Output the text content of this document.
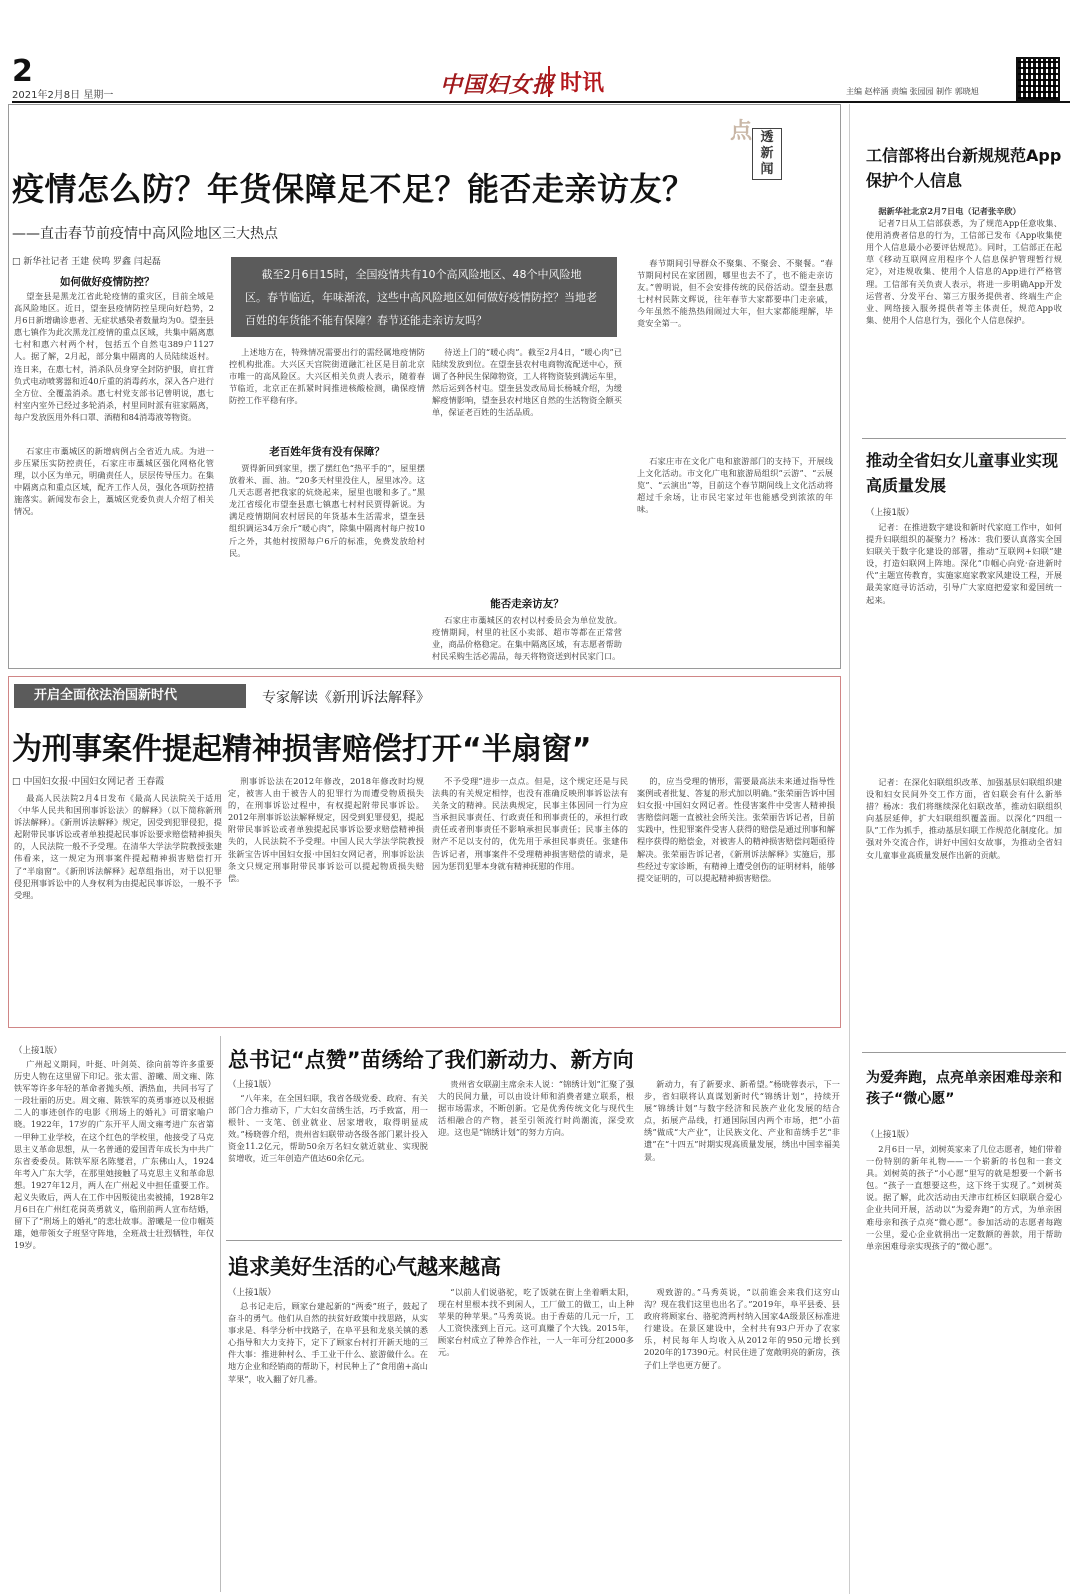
2
2021年2月8日 星期一	中国妇女报 时讯	主编 赵梓涵 责编 张园园 制作 郭晓旭
点 透新闻
疫情怎么防？年货保障足不足？能否走亲访友？
——直击春节前疫情中高风险地区三大热点
□ 新华社记者 王建 侯鸣 罗鑫 闫起磊
如何做好疫情防控？
截至2月6日15时，全国疫情共有10个高风险地区、48个中风险地区。春节临近，年味渐浓，这些中高风险地区如何做好疫情防控？当地老百姓的年货能不能有保障？春节还能走亲访友吗？

望奎县是黑龙江省此轮疫情的重灾区，目前全域是高风险地区。近日，望奎县疫情防控呈现向好趋势，2月6日新增确诊患者、无症状感染者数量均为0。望奎县惠七镇作为此次黑龙江疫情的重点区域，共集中隔离惠七村和惠六村两个村，包括五个自然屯389户1127人。据了解，2月起，部分集中隔离的人员陆续返村。连日来，在惠七村，消杀队员身穿全封防护服，肩扛背负式电动喷雾器和近40斤重的消毒药水，深入各户进行全方位、全覆盖消杀。惠七村党支部书记曾明说，惠七村室内室外已经过多轮消杀，村里同时派有驻家隔离，每户发放医用外科口罩、酒精和84消毒液等物资。

石家庄市藁城区的新增病例占全省近九成。为进一步压紧压实防控责任，石家庄市藁城区强化网格化管理，以小区为单元，明确责任人，层层传导压力。在集中隔离点和重点区域，配齐工作人员，强化各项防控措施落实。新闻发布会上，藁城区党委负责人介绍了相关情况。

上述地方在，特殊情况需要出行的需经属地疫情防控机构批准。大兴区天宫院街道融汇社区是目前北京市唯一的高风险区。大兴区相关负责人表示，随着春节临近，北京正在抓紧时间推进核酸检测，确保疫情防控工作平稳有序。

老百姓年货有没有保障？

贾得新回到家里，摆了摆红色“热平手的”，屋里摆放着米、面、油。“20多天村里没住人，屋里冰冷。这几天志愿者把我家的炕烧起来，屋里也暖和多了。”黑龙江省绥化市望奎县惠七镇惠七村村民贾得新说。为满足疫情期间农村居民的年货基本生活需求，望奎县组织调运34万余斤“暖心肉”，除集中隔离村每户按10斤之外，其他村按照每户6斤的标准，免费发放给村民。

待送上门的“暖心肉”。截至2月4日，“暖心肉”已陆续发放到位。在望奎县农村电商物流配送中心，预调了各种民生保障物资，工人将物资装到满运车里，然后运到各村屯。望奎县发改局局长杨城介绍，为缓解疫情影响，望奎县农村地区自然的生活物资全额买单，保证老百姓的生活品质。

能否走亲访友？

石家庄市藁城区的农村以村委员会为单位发放。疫情期间，村里的社区小卖部、超市等都在正常营业，商品价格稳定。在集中隔离区域，有志愿者帮助村民采购生活必需品，每天将物资送到村民家门口。

春节期间引导群众不聚集、不聚会、不聚餐。“春节期间村民在家团圆，哪里也去不了，也不能走亲访友。”曾明说，但不会安排传统的民俗活动。望奎县惠七村村民陈文辉说，往年春节大家都要串门走亲戚，今年虽然不能热热闹闹过大年，但大家都能理解，毕竟安全第一。

石家庄市在文化广电和旅游部门的支持下，开展线上文化活动。市文化广电和旅游局组织“云游”、“云展览”、“云演出”等，目前这个春节期间线上文化活动将超过千余场，让市民宅家过年也能感受到浓浓的年味。

工信部将出台新规规范App保护个人信息
据新华社北京2月7日电（记者张辛欣）

记者7日从工信部获悉，为了规范App任意收集、使用消费者信息的行为，工信部已发布《App收集使用个人信息最小必要评估规范》。同时，工信部正在起草《移动互联网应用程序个人信息保护管理暂行规定》，对违规收集、使用个人信息的App进行严格管理。工信部有关负责人表示，将进一步明确App开发运营者、分发平台、第三方服务提供者、终端生产企业、网络接入服务提供者等主体责任，规范App收集、使用个人信息行为，强化个人信息保护。

推动全省妇女儿童事业实现高质量发展
（上接1版）

记者：在推进数字建设和新时代家庭工作中，如何提升妇联组织的凝聚力？杨冰：我们要认真落实全国妇联关于数字化建设的部署，推动“互联网+妇联”建设，打造妇联网上阵地。深化“巾帼心向党·奋进新时代”主题宣传教育，实施家庭家教家风建设工程，开展最美家庭寻访活动，引导广大家庭把爱家和爱国统一起来。

记者：在深化妇联组织改革、加强基层妇联组织建设和妇女民间外交工作方面，省妇联会有什么新举措？杨冰：我们将继续深化妇联改革，推动妇联组织向基层延伸，扩大妇联组织覆盖面。以深化“四组一队”工作为抓手，推动基层妇联工作规范化制度化。加强对外交流合作，讲好中国妇女故事，为推动全省妇女儿童事业高质量发展作出新的贡献。

为爱奔跑，点亮单亲困难母亲和孩子“微心愿”
（上接1版）

2月6日一早，刘树英家来了几位志愿者，她们带着一份特别的新年礼物——一个崭新的书包和一套文具。刘树英的孩子“小心愿”里写的就是想要一个新书包。“孩子一直想要这些，这下终于实现了。”刘树英说。据了解，此次活动由天津市红桥区妇联联合爱心企业共同开展，活动以“为爱奔跑”的方式，为单亲困难母亲和孩子点亮“微心愿”。参加活动的志愿者每跑一公里，爱心企业就捐出一定数额的善款，用于帮助单亲困难母亲实现孩子的“微心愿”。

开启全面依法治国新时代	专家解读《新刑诉法解释》
为刑事案件提起精神损害赔偿打开“半扇窗”
□ 中国妇女报·中国妇女网记者 王春霞

最高人民法院2月4日发布《最高人民法院关于适用〈中华人民共和国刑事诉讼法〉的解释》（以下简称新刑诉法解释）。《新刑诉法解释》规定，因受到犯罪侵犯，提起附带民事诉讼或者单独提起民事诉讼要求赔偿精神损失的，人民法院一般不予受理。在清华大学法学院教授张建伟看来，这一规定为刑事案件提起精神损害赔偿打开了“半扇窗”。《新刑诉法解释》起草组指出，对于以犯罪侵犯刑事诉讼中的人身权利为由提起民事诉讼，一般不予受理。

刑事诉讼法在2012年修改，2018年修改时均规定，被害人由于被告人的犯罪行为而遭受物质损失的，在刑事诉讼过程中，有权提起附带民事诉讼。2012年刑事诉讼法解释规定，因受到犯罪侵犯，提起附带民事诉讼或者单独提起民事诉讼要求赔偿精神损失的，人民法院不予受理。中国人民大学法学院教授张新宝告诉中国妇女报·中国妇女网记者，刑事诉讼法条文只规定刑事附带民事诉讼可以提起物质损失赔偿。

不予受理”进步一点点。但是，这个规定还是与民法典的有关规定相悖，也没有准确反映刑事诉讼法有关条文的精神。民法典规定，民事主体因同一行为应当承担民事责任、行政责任和刑事责任的，承担行政责任或者刑事责任不影响承担民事责任；民事主体的财产不足以支付的，优先用于承担民事责任。张建伟告诉记者，刑事案件不受理精神损害赔偿的请求，是因为惩罚犯罪本身就有精神抚慰的作用。

的，应当受理的情形，需要最高法未来通过指导性案例或者批复、答复的形式加以明确。”张荣丽告诉中国妇女报·中国妇女网记者。性侵害案件中受害人精神损害赔偿问题一直被社会所关注。张荣丽告诉记者，目前实践中，性犯罪案件受害人获得的赔偿是通过刑事和解程序获得的赔偿金，对被害人的精神损害赔偿问题亟待解决。张荣丽告诉记者，《新刑诉法解释》实施后，那些经过专家诊断，有精神上遭受创伤的证明材料，能够提交证明的，可以提起精神损害赔偿。

（上接1版）

广州起义期间，叶挺、叶剑英、徐向前等许多重要历史人物在这里留下印记。张太雷、游曦、周文雍、陈铁军等许多年轻的革命者抛头颅、洒热血，共同书写了一段壮丽的历史。周文雍、陈铁军的英勇事迹以及根据二人的事迹创作的电影《刑场上的婚礼》可谓家喻户晓。1922年，17岁的广东开平人周文雍考进广东省第一甲种工业学校，在这个红色的学校里，他接受了马克思主义革命思想，从一名普通的爱国青年成长为中共广东省委委员。陈铁军原名陈燮君，广东佛山人，1924年考入广东大学，在那里她接触了马克思主义和革命思想。1927年12月，两人在广州起义中担任重要工作。起义失败后，两人在工作中因叛徒出卖被捕，1928年2月6日在广州红花岗英勇就义，临刑前两人宣布结婚，留下了“刑场上的婚礼”的悲壮故事。游曦是一位巾帼英雄，她带领女子班坚守阵地，全班战士壮烈牺牲，年仅19岁。

总书记“点赞”苗绣给了我们新动力、新方向
（上接1版）

“八年来，在全国妇联，我省各级党委、政府、有关部门合力推动下，广大妇女苗绣生活，巧手致富，用一根针、一支笔、创业就业、居家增收，取得明显成效。”杨晓蓉介绍，贵州省妇联带动各级各部门累计投入资金11.2亿元，帮助50余万名妇女就近就业、实现脱贫增收，近三年创造产值达60余亿元。

贵州省女联副主席余未人说：“锦绣计划”汇聚了强大的民间力量，可以由设计师和消费者建立联系，根据市场需求，不断创新。它是优秀传统文化与现代生活相融合的产物，甚至引领流行时尚潮流，深受欢迎。这也是“锦绣计划”的努力方向。

新动力，有了新要求、新希望。”杨晓蓉表示，下一步，省妇联将认真谋划新时代“锦绣计划”，持续开展“锦绣计划”与数字经济和民族产业化发展的结合点，拓展产品线，打通国际国内两个市场，把“小苗绣”做成“大产业”，让民族文化、产业和苗绣手艺“非遗”在“十四五”时期实现高质量发展，绣出中国幸福美景。

追求美好生活的心气越来越高
（上接1版）

总书记走后，顾家台建起新的“两委”班子，鼓起了奋斗的勇气。他们从自然的扶贫好政策中找思路，从实事求是、科学分析中找路子，在阜平县和龙泉关镇的悉心指导和大力支持下，定下了顾家台村打开新天地的三件大事：推进种村么、手工业干什么、旅游做什么。在地方企业和经销商的帮助下，村民种上了“食用菌+高山苹果”，收入翻了好几番。

“以前人们说骆驼，吃了饭就在街上坐着晒太阳，现在村里根本找不到闲人，工厂做工的做工，山上种苹果的种苹果。”马秀英说。由于香菇的几元一斤，工人工资快涨到上百元。这可真赚了个大钱。2015年，顾家台村成立了种养合作社，一人一年可分红2000多元。

观致游的。”马秀英说，“以前谁会来我们这穷山沟？现在我们这里也出名了。”2019年，阜平县委、县政府将顾家台、骆驼湾两村纳入国家4A级景区标准进行建设。在景区建设中，全村共有93户开办了农家乐，村民每年人均收入从2012年的950元增长到2020年的17390元。村民住进了宽敞明亮的新房，孩子们上学也更方便了。
